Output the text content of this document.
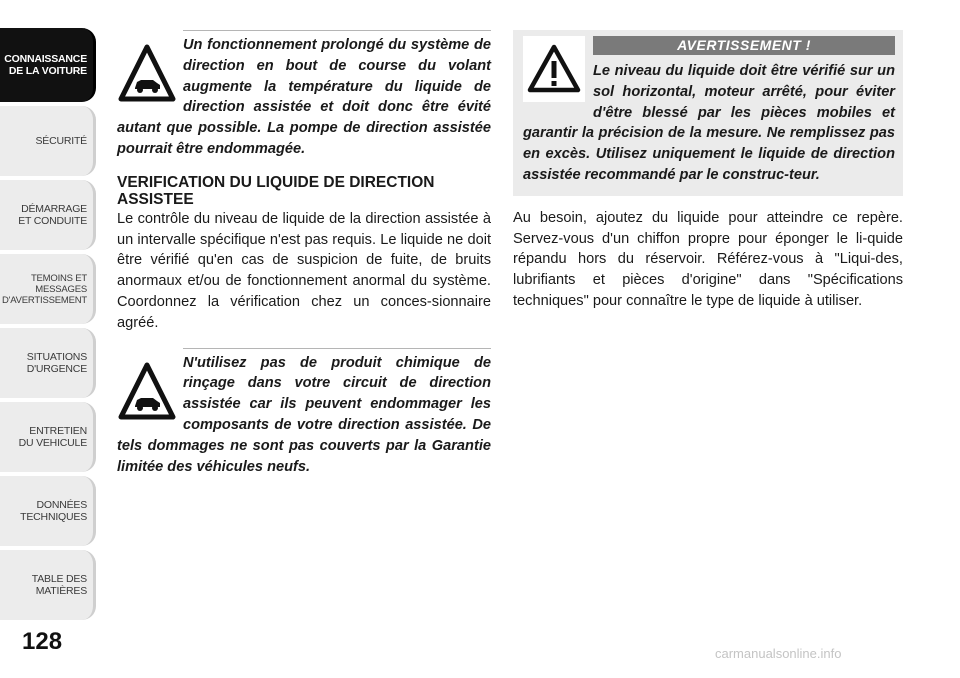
CONNAISSANCE
DE LA VOITURE
SÉCURITÉ
DÉMARRAGE
ET CONDUITE
TEMOINS ET
MESSAGES
D'AVERTISSEMENT
SITUATIONS
D'URGENCE
ENTRETIEN
DU VEHICULE
DONNÉES
TECHNIQUES
TABLE DES
MATIÈRES
128
Un fonctionnement prolongé du système de direction en bout de course du volant augmente la température du liquide de direction assistée et doit donc être évité autant que possible. La pompe de direction assistée pourrait être endommagée.
VERIFICATION DU LIQUIDE DE DIRECTION ASSISTEE
Le contrôle du niveau de liquide de la direction assistée à un intervalle spécifique n'est pas requis. Le liquide ne doit être vérifié qu'en cas de suspicion de fuite, de bruits anormaux et/ou de fonctionnement anormal du système. Coordonnez la vérification chez un conces-sionnaire agréé.
N'utilisez pas de produit chimique de rinçage dans votre circuit de direction assistée car ils peuvent endommager les composants de votre direction assistée. De tels dommages ne sont pas couverts par la Garantie limitée des véhicules neufs.
AVERTISSEMENT !
Le niveau du liquide doit être vérifié sur un sol horizontal, moteur arrêté, pour éviter d'être blessé par les pièces mobiles et garantir la précision de la mesure. Ne remplissez pas en excès. Utilisez uniquement le liquide de direction assistée recommandé par le construc-teur.
Au besoin, ajoutez du liquide pour atteindre ce repère. Servez-vous d'un chiffon propre pour éponger le li-quide répandu hors du réservoir. Référez-vous à "Liqui-des, lubrifiants et pièces d'origine" dans "Spécifications techniques" pour connaître le type de liquide à utiliser.
carmanualsonline.info
